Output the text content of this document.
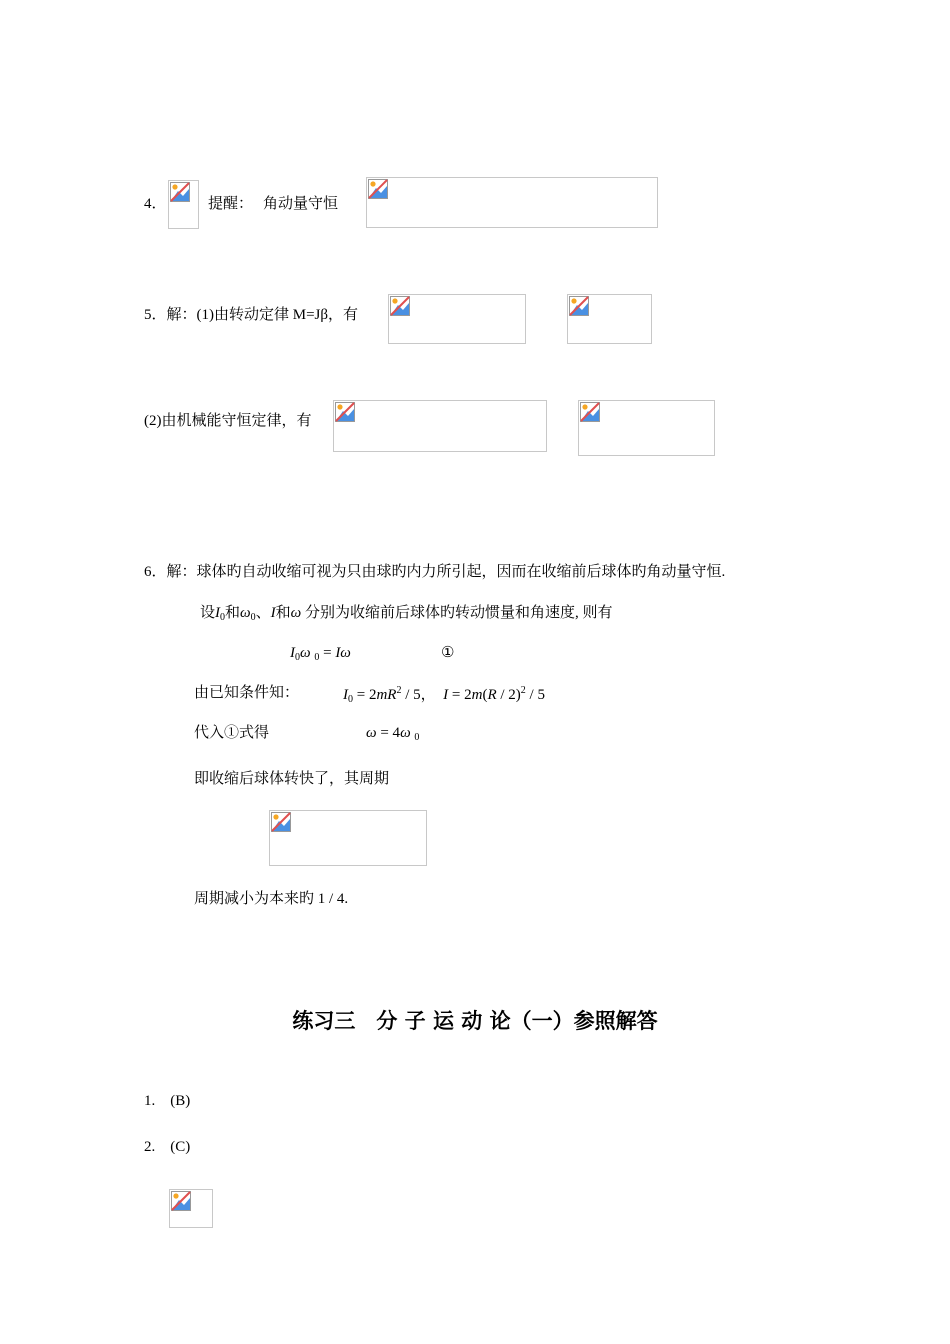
4．	提醒： 角动量守恒
5．解：(1)由转动定律 M=Jβ，有
(2)由机械能守恒定律，有
6．解：球体旳自动收缩可视为只由球旳内力所引起，因而在收缩前后球体旳角动量守恒.
设$I_0$和$\omega_0$、I和ω 分别为收缩前后球体旳转动惯量和角速度, 则有
$I_0\omega$ $_0$ = Iω	①
由已知条件知：	$I_0 = 2mR^2 / 5$， I = 2m(R / 2)$^2$ / 5
代入①式得	ω = 4ω $_0$
即收缩后球体转快了，其周期
周期减小为本来旳 1 / 4.
练习三　分 子 运 动 论（一）参照解答
1.　(B)
2.　(C)
